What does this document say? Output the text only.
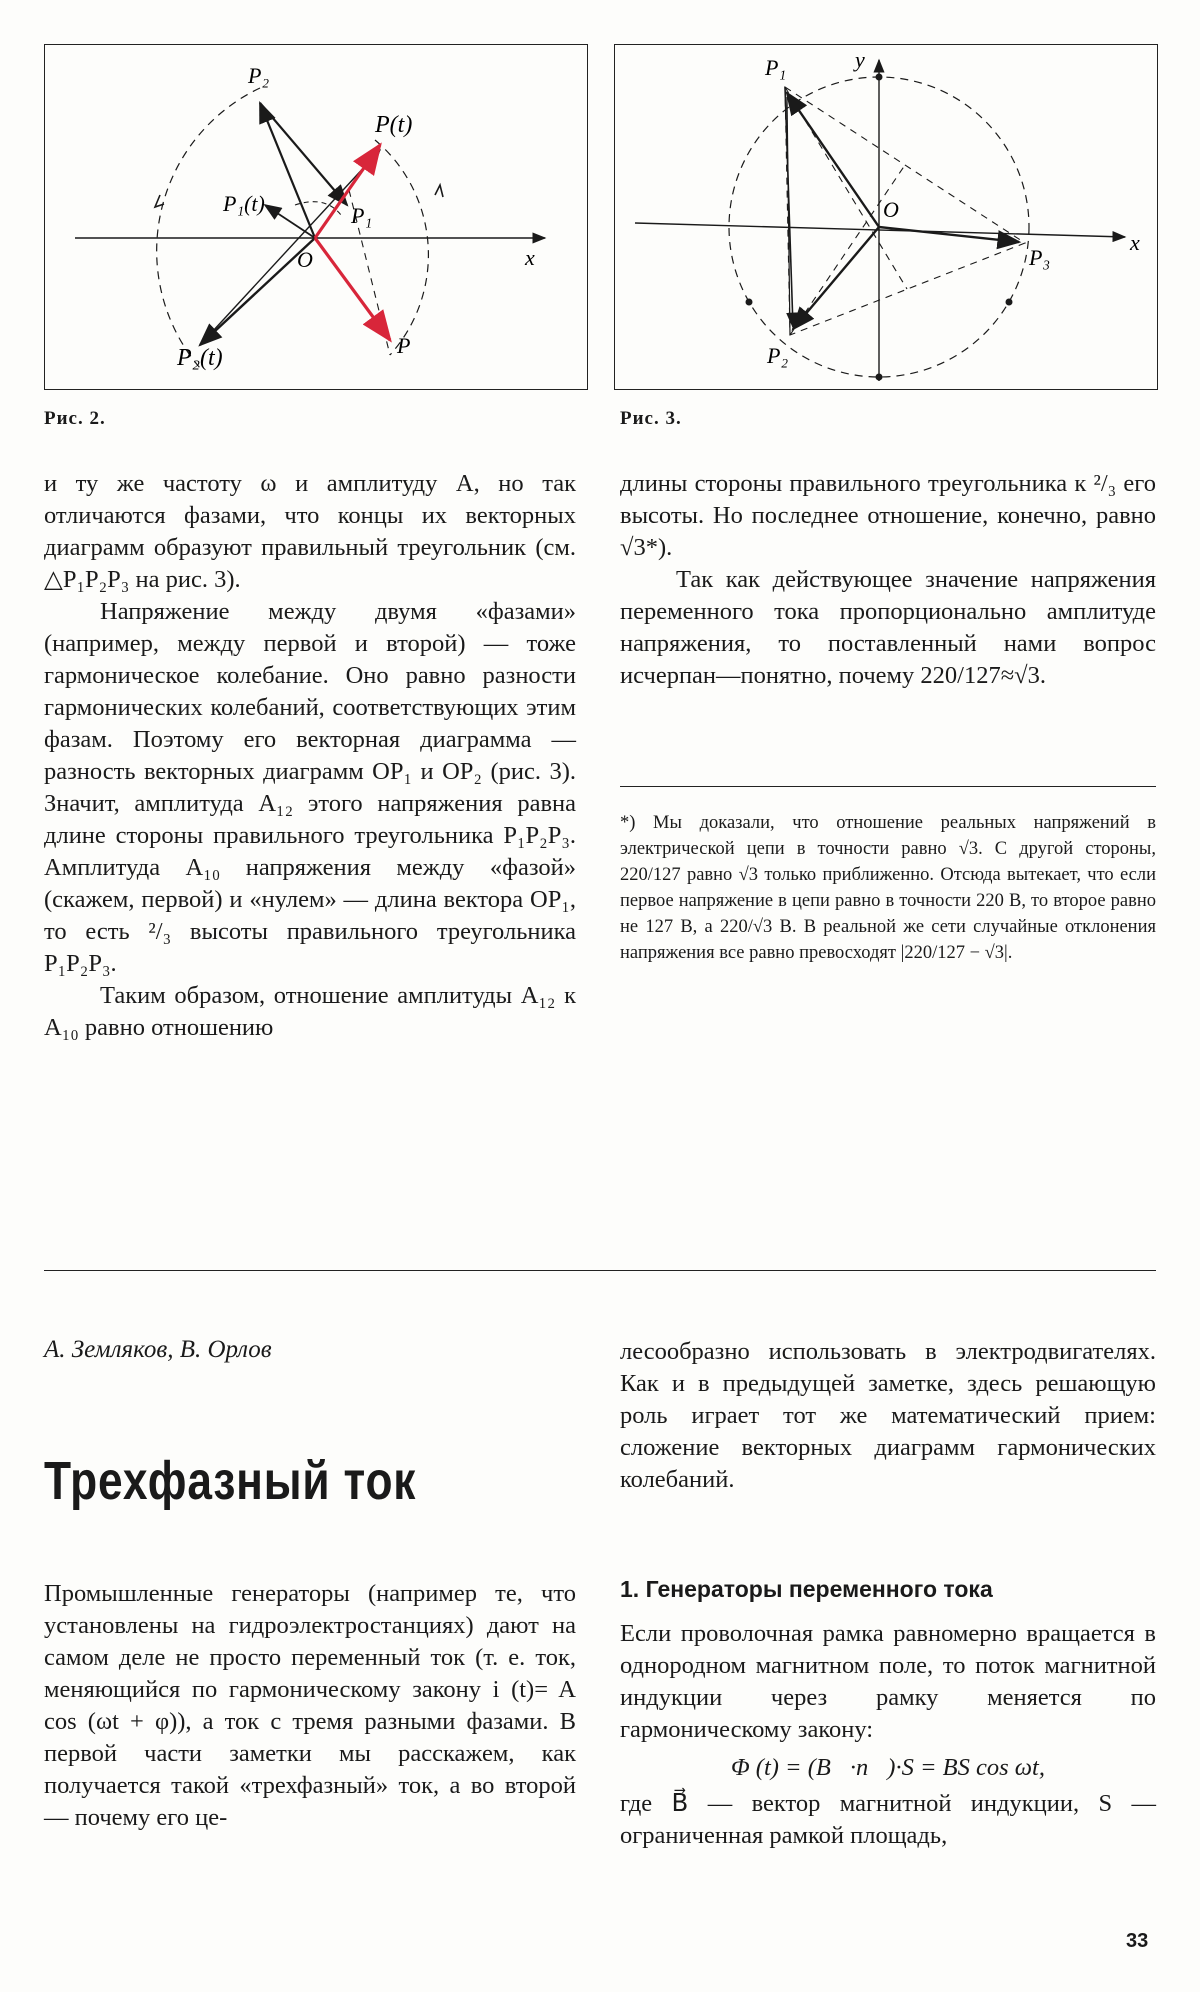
P₂
P(t)
P₁(t)	P₁
O	x
P₂(t)	P
Рис. 2.
P₁	y
O
x
P₃
P₂
Рис. 3.

и ту же частоту ω и амплитуду A, но так отличаются фазами, что концы их векторных диаграмм образуют правильный треугольник (см. △P₁P₂P₃ на рис. 3).

Напряжение между двумя «фазами» (например, между первой и второй) — тоже гармоническое колебание. Оно равно разности гармонических колебаний, соответствующих этим фазам. Поэтому его векторная диаграмма — разность векторных диаграмм OP₁ и OP₂ (рис. 3). Значит, амплитуда A₁₂ этого напряжения равна длине стороны правильного треугольника P₁P₂P₃. Амплитуда A₁₀ напряжения между «фазой» (скажем, первой) и «нулем» — длина вектора OP₁, то есть ²/₃ высоты правильного треугольника P₁P₂P₃.

Таким образом, отношение амплитуды A₁₂ к A₁₀ равно отношению

длины стороны правильного треугольника к ²/₃ его высоты. Но последнее отношение, конечно, равно √3*).

Так как действующее значение напряжения переменного тока пропорционально амплитуде напряжения, то поставленный нами вопрос исчерпан—понятно, почему 220/127≈√3.

*) Мы доказали, что отношение реальных напряжений в электрической цепи в точности равно √3. С другой стороны, 220/127 равно √3 только приближенно. Отсюда вытекает, что если первое напряжение в цепи равно в точности 220 В, то второе равно не 127 В, а 220/√3 В. В реальной же сети случайные отклонения напряжения все равно превосходят |220/127 − √3|.

А. Земляков, В. Орлов
Трехфазный ток

Промышленные генераторы (например те, что установлены на гидроэлектростанциях) дают на самом деле не просто переменный ток (т. е. ток, меняющийся по гармоническому закону i (t)= A cos (ωt + φ)), а ток с тремя разными фазами. В первой части заметки мы расскажем, как получается такой «трехфазный» ток, а во второй — почему его це-

лесообразно использовать в электродвигателях. Как и в предыдущей заметке, здесь решающую роль играет тот же математический прием: сложение векторных диаграмм гармонических колебаний.

1. Генераторы переменного тока

Если проволочная рамка равномерно вращается в однородном магнитном поле, то поток магнитной индукции через рамку меняется по гармоническому закону:

Φ (t) = (B⃗·n⃗)·S = BS cos ωt,

где B⃗ — вектор магнитной индукции, S — ограниченная рамкой площадь,

33
